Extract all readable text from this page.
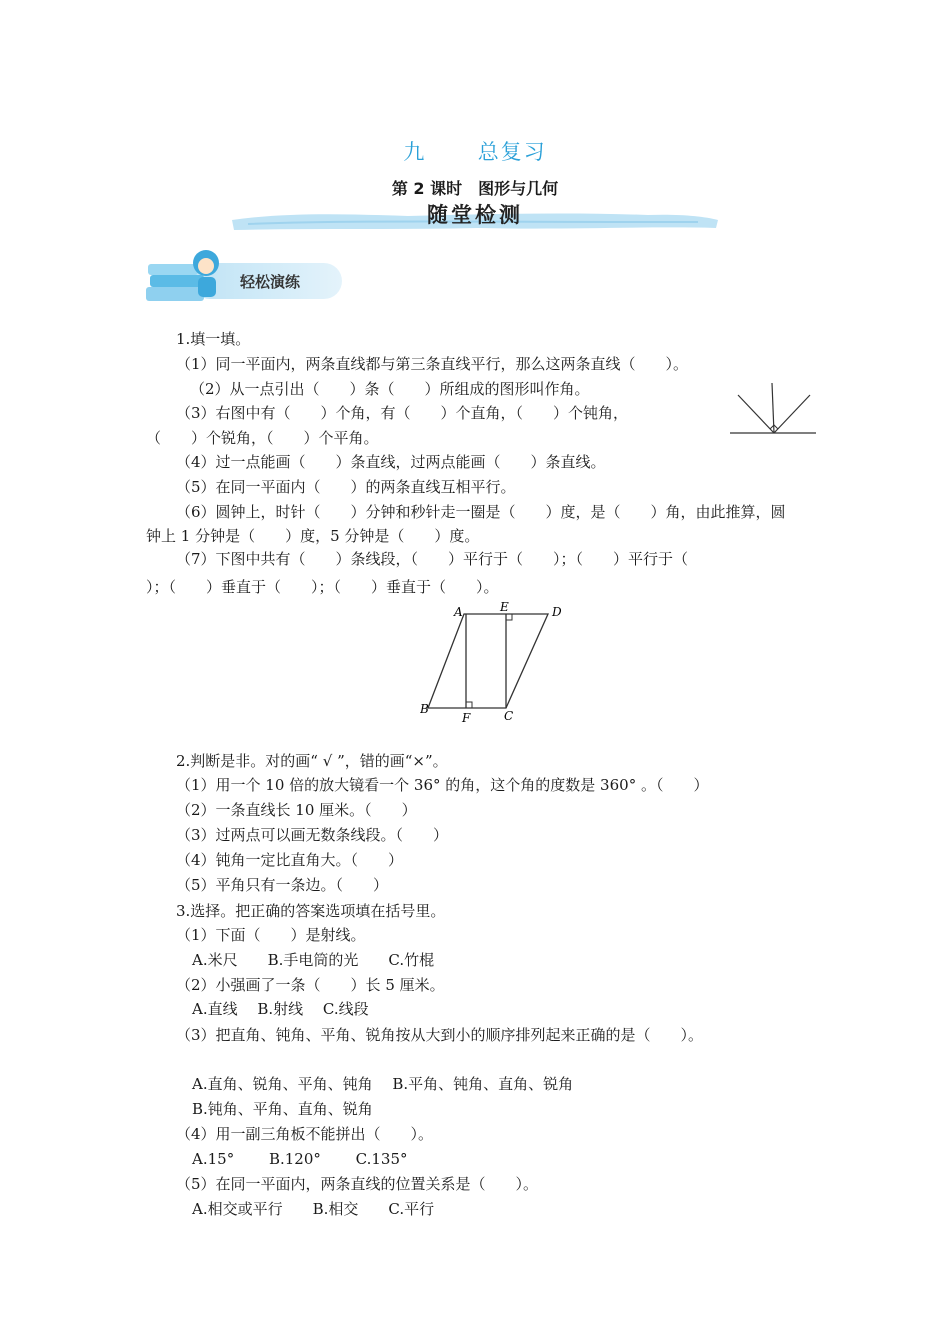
九 总复习
第 2 课时　图形与几何
随堂检测
轻松演练
1.填一填。
（1）同一平面内，两条直线都与第三条直线平行，那么这两条直线（　　）。
（2）从一点引出（　　）条（　　）所组成的图形叫作角。
（3）右图中有（　　）个角，有（　　）个直角，（　　）个钝角，
（　　）个锐角，（　　）个平角。
（4）过一点能画（　　）条直线，过两点能画（　　）条直线。
（5）在同一平面内（　　）的两条直线互相平行。
（6）圆钟上，时针（　　）分钟和秒针走一圈是（　　）度，是（　　）角，由此推算，圆
钟上 1 分钟是（　　）度，5 分钟是（　　）度。
（7）下图中共有（　　）条线段，（　　）平行于（　　）；（　　）平行于（
）；（　　）垂直于（　　）；（　　）垂直于（　　）。
A	E	D
B
F	C
2.判断是非。对的画“ √ ”，错的画“×”。
（1）用一个 10 倍的放大镜看一个 36° 的角，这个角的度数是 360° 。（　　）
（2）一条直线长 10 厘米。（　　）
（3）过两点可以画无数条线段。（　　）
（4）钝角一定比直角大。（　　）
（5）平角只有一条边。（　　）
3.选择。把正确的答案选项填在括号里。
（1）下面（　　）是射线。
A.米尺　　B.手电筒的光　　C.竹棍
（2）小强画了一条（　　）长 5 厘米。
A.直线　 B.射线　 C.线段
（3）把直角、钝角、平角、锐角按从大到小的顺序排列起来正确的是（　　）。
A.直角、锐角、平角、钝角　 B.平角、钝角、直角、锐角
B.钝角、平角、直角、锐角
（4）用一副三角板不能拼出（　　）。
A.15°　　 B.120°　　 C.135°
（5）在同一平面内，两条直线的位置关系是（　　）。
A.相交或平行　　B.相交　　C.平行
